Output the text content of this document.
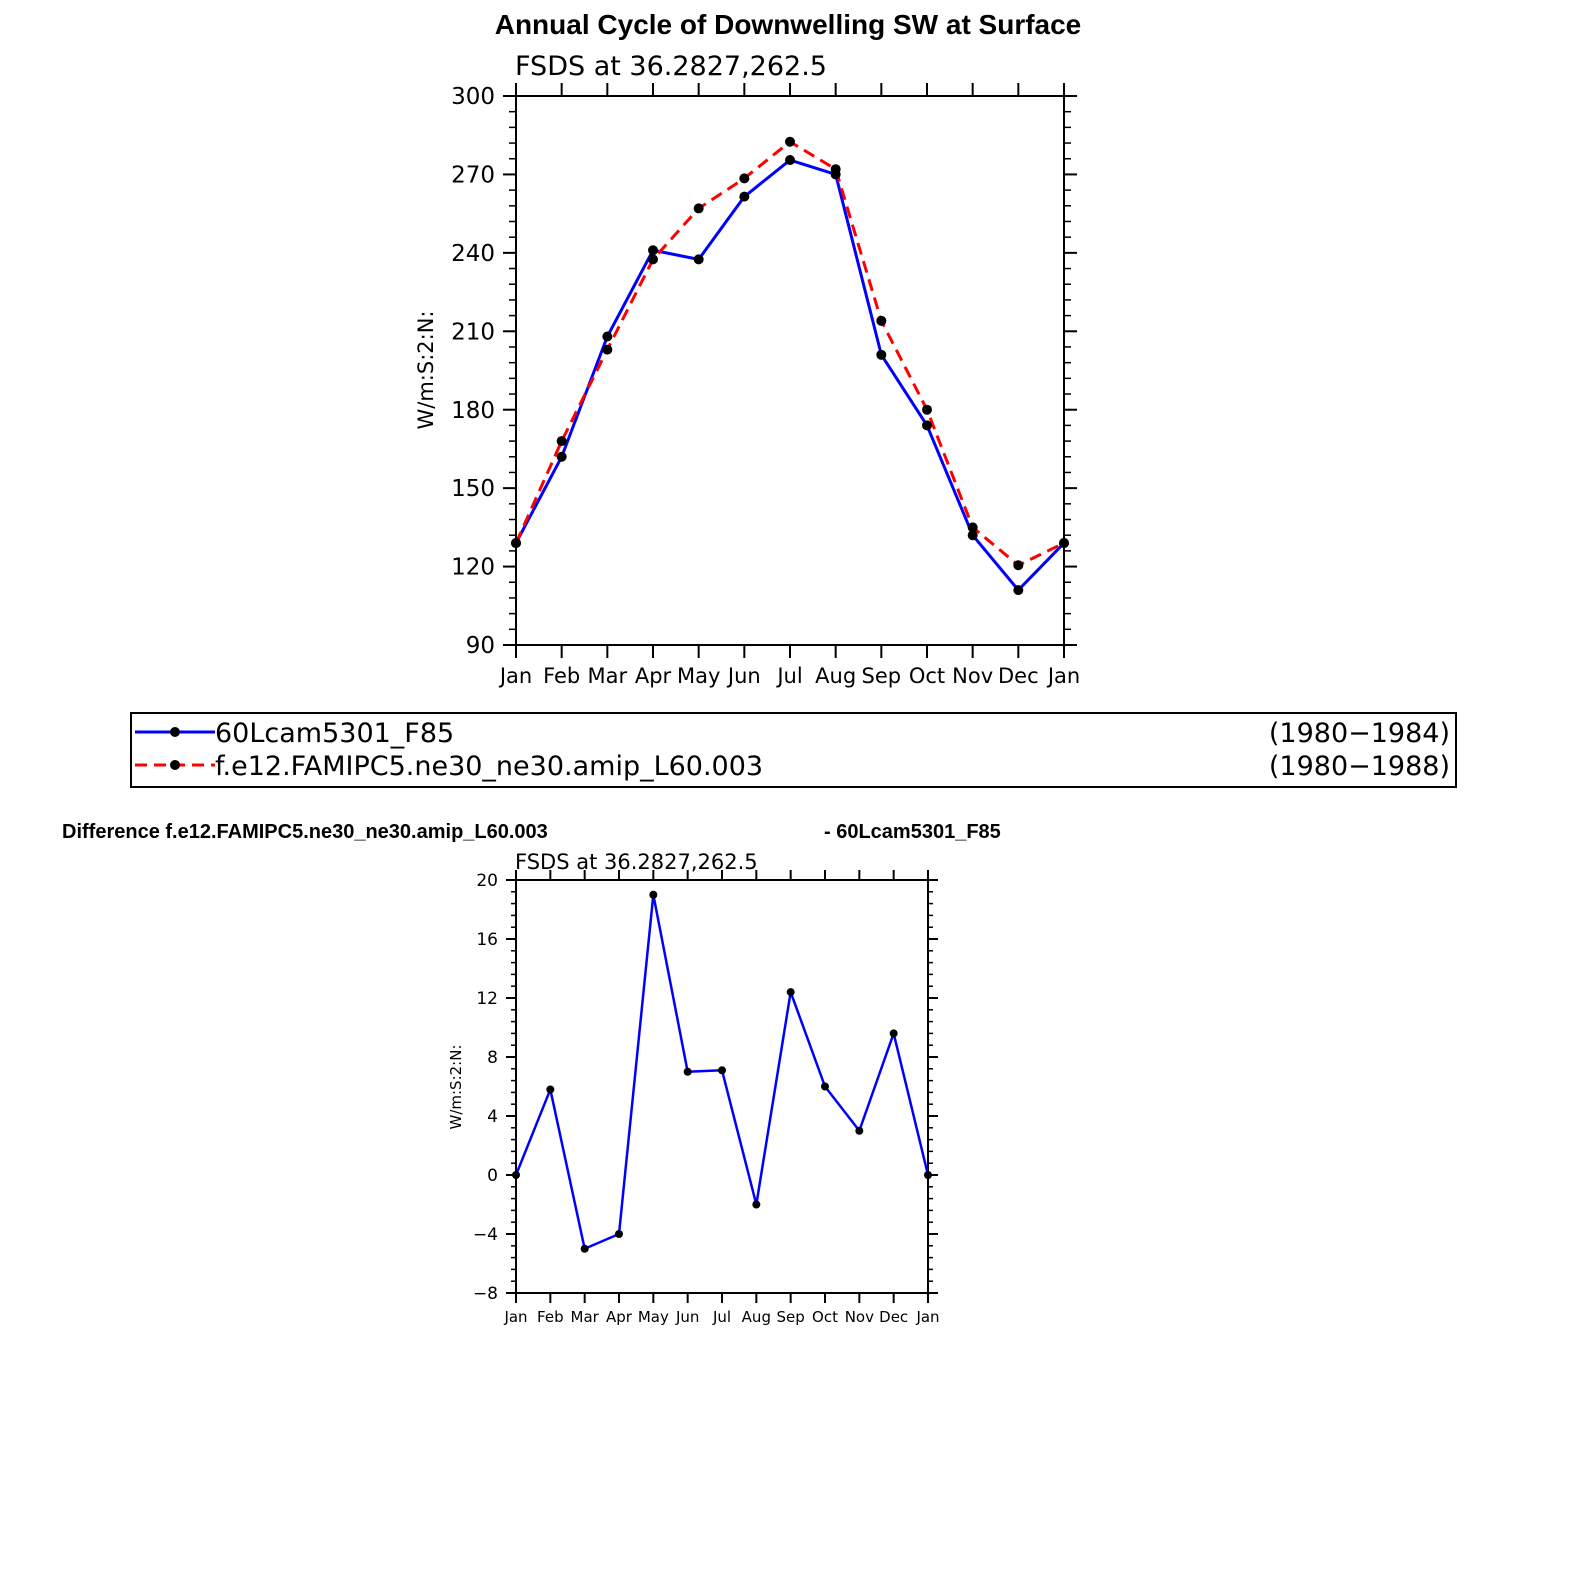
Annual Cycle of Downwelling SW at Surface
FSDS at 36.2827,262.5
W/m:S:2:N:
Jan Feb Mar Apr May Jun Jul Aug Sep Oct Nov Dec Jan
90
120
150
180
210
240
270
300
60Lcam5301_F85	(1980−1984)
f.e12.FAMIPC5.ne30_ne30.amip_L60.003	(1980−1988)
Difference f.e12.FAMIPC5.ne30_ne30.amip_L60.003	- 60Lcam5301_F85
FSDS at 36.2827,262.5
W/m:S:2:N:
Jan Feb Mar Apr May Jun Jul Aug Sep Oct Nov Dec Jan
−8
−4
0
4
8
12
16
20
